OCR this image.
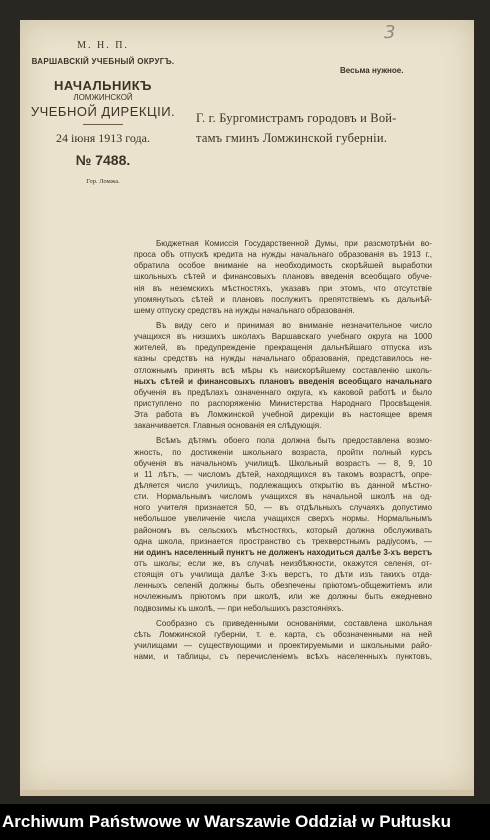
3
М. Н. П.
ВАРШАВСКІЙ УЧЕБНЫЙ ОКРУГЪ.
НАЧАЛЬНИКЪ
ЛОМЖИНСКОЙ
УЧЕБНОЙ ДИРЕКЦІИ.
24 іюня 1913 года.
№ 7488.
Гор. Ломжа.
Весьма нужное.
Г. г. Бургомистрамъ городовъ и Вой-
тамъ гминъ Ломжинской губерніи.
Бюджетная Комиссія Государственной Думы, при разсмотрѣніи во-
проса объ отпускѣ кредита на нужды начальнаго образованія въ 1913 г.,
обратила особое вниманіе на необходимость скорѣйшей выработки
школьныхъ сѣтей и финансовыхъ плановъ введенія всеобщаго обуче-
нія въ неземскихъ мѣстностяхъ, указавъ при этомъ, что отсутствіе
упомянутыхъ сѣтей и плановъ послужитъ препятствіемъ къ дальнѣй-
шему отпуску средствъ на нужды начальнаго образованія.
Въ виду сего и принимая во вниманіе незначительное число
учащихся въ низшихъ школахъ Варшавскаго учебнаго округа на 1000
жителей, въ предупрежденіе прекращенія дальнѣйшаго отпуска изъ
казны средствъ на нужды начальнаго образованія, представилось не-
отложнымъ принять всѣ мѣры къ наискорѣйшему составленію школь-
ныхъ сѣтей и финансовыхъ плановъ введенія всеобщаго начальнаго
обученія въ предѣлахъ означеннаго округа, къ каковой работѣ и было
приступлено по распоряженію Министерства Народнаго Просвѣщенія.
Эта работа въ Ломжинской учебной дирекціи въ настоящее время
заканчивается. Главныя основанія ея слѣдующія.
Всѣмъ дѣтямъ обоего пола должна быть предоставлена возмо-
жность, по достиженіи школьнаго возраста, пройти полный курсъ
обученія въ начальномъ училищѣ. Школьный возрастъ — 8, 9, 10
и 11 лѣтъ, — числомъ дѣтей, находящихся въ такомъ возрастѣ, опре-
дѣляется число училищъ, подлежащихъ открытію въ данной мѣстно-
сти. Нормальнымъ числомъ учащихся въ начальной школѣ на од-
ного учителя признается 50, — въ отдѣльныхъ случаяхъ допустимо
небольшое увеличеніе числа учащихся сверхъ нормы. Нормальнымъ
райономъ въ сельскихъ мѣстностяхъ, который должна обслуживать
одна школа, признается пространство съ трехверстнымъ радіусомъ, —
ни одинъ населенный пунктъ не долженъ находиться далѣе 3-хъ верстъ
отъ школы; если же, въ случаѣ неизбѣжности, окажутся селенія, от-
стоящія отъ училища далѣе 3-хъ верстъ, то дѣти изъ такихъ отда-
ленныхъ селеній должны быть обезпечены пріютомъ-общежитіемъ или
ночлежнымъ пріютомъ при школѣ, или же должны быть ежедневно
подвозимы къ школѣ, — при небольшихъ разстояніяхъ.
Сообразно съ приведенными основаніями, составлена школьная
сѣть Ломжинской губерніи, т. е. карта, съ обозначенными на ней
училищами — существующими и проектируемыми и школьными райо-
нами, и таблицы, съ перечисленіемъ всѣхъ населенныхъ пунктовъ,
Archiwum Państwowe w Warszawie Oddział w Pułtusku
